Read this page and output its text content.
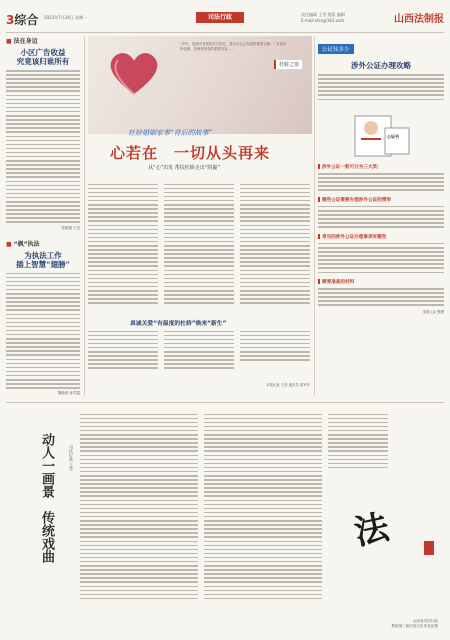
3综合 2023年7月24日 星期一	司法行政	责任编辑 王莹 组版 编辑
E-mail:sfxz@163.com	山西法制报
■ 法在身边
小区广告收益
究竟该归谁所有
张晓娟 王莹
■ “枫”执法
为执法工作
插上智慧“翅膀”
魏晓燕 孙雪霞
“乡村，是城市发展的后方依托，是经济社会发展的重要支撑。” 矛盾纠纷化解，是枫桥经验的重要内容……
杜娇之窗
杜娇婚姻家事“背后的故事”
心若在　一切从头再来
从“心”出发 帮扶杜娇走出“阴霾”
真诚关爱“有温度的杜娇”焕来“新生”
本报记者 王莹 通讯员 姜军华
公证知多少
涉外公证办理攻略
公证书
涉外公证一般可分为三大类：
哪些公证需要办理涉外公证的情形
常见的涉外公证办理事项有哪些
需要准备的材料
来源公众 整理
动人一画景　传统戏曲	司法行政 王莹
法
山西省司法行政
系统第二届法治文化作品征集
